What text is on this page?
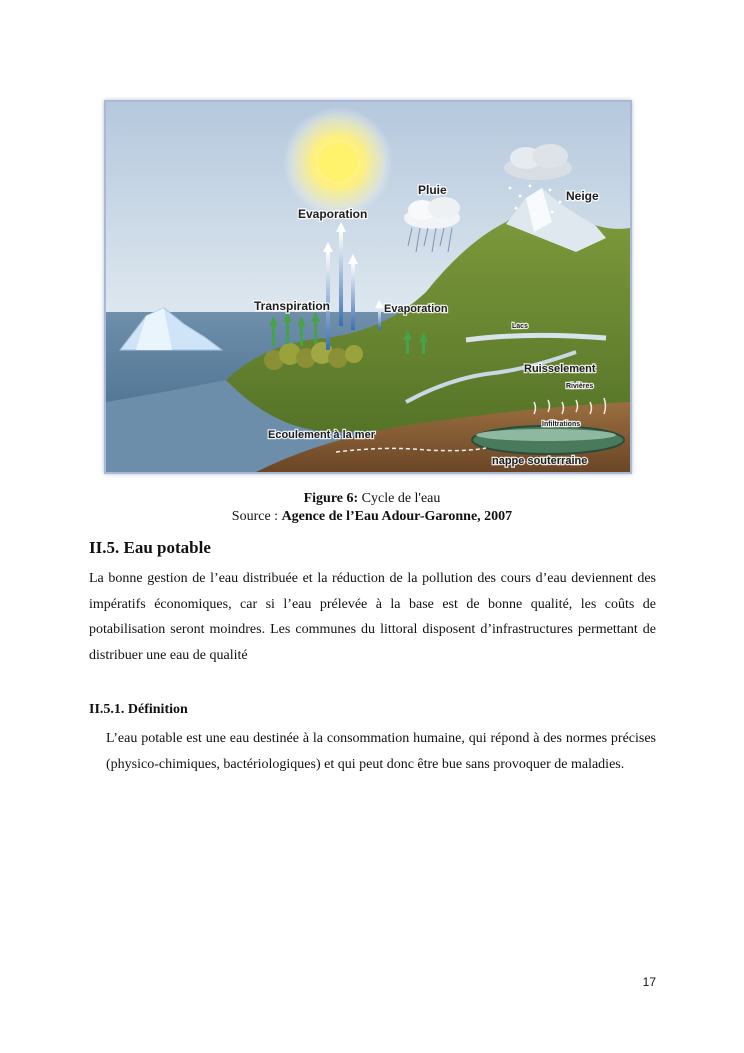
Evaporation
Pluie	Neige
Transpiration	Evaporation
Lacs
Ruisselement
Rivières
Infiltrations
Ecoulement à la mer
nappe souterraine
Figure 6: Cycle de l'eau
Source : Agence de l’Eau Adour-Garonne, 2007
II.5. Eau potable

La bonne gestion de l’eau distribuée et la réduction de la pollution des cours d’eau deviennent des impératifs économiques, car si l’eau prélevée à la base est de bonne qualité, les coûts de potabilisation seront moindres. Les communes du littoral disposent d’infrastructures permettant de distribuer une eau de qualité

II.5.1. Définition

L’eau potable est une eau destinée à la consommation humaine, qui répond à des normes précises (physico-chimiques, bactériologiques) et qui peut donc être bue sans provoquer de maladies.

17
